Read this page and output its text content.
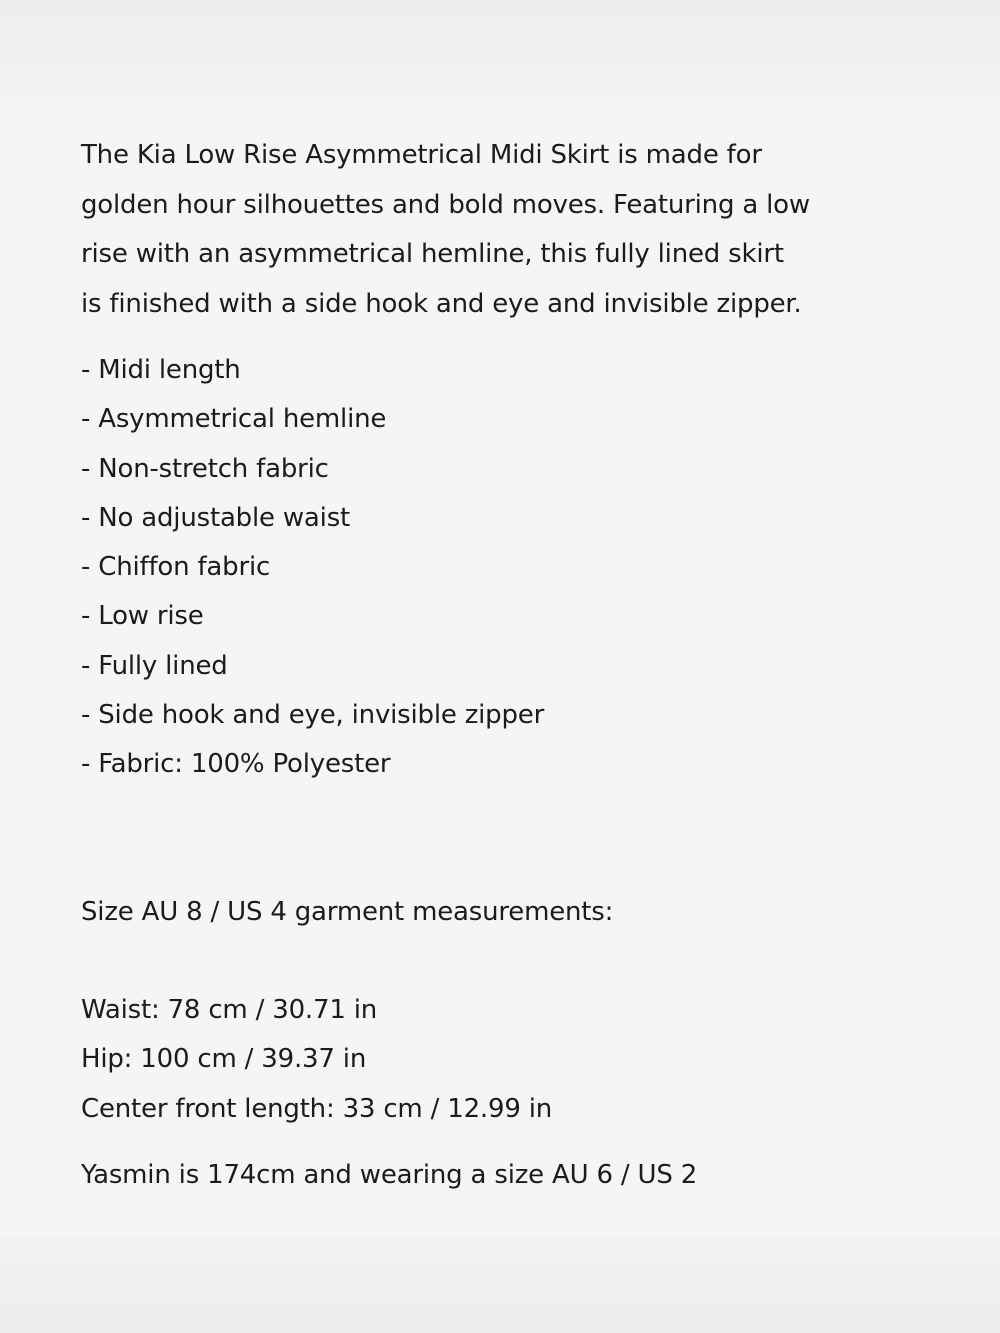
The Kia Low Rise Asymmetrical Midi Skirt is made for
golden hour silhouettes and bold moves. Featuring a low
rise with an asymmetrical hemline, this fully lined skirt
is finished with a side hook and eye and invisible zipper.

- Midi length
- Asymmetrical hemline
- Non-stretch fabric
- No adjustable waist
- Chiffon fabric
- Low rise
- Fully lined
- Side hook and eye, invisible zipper
- Fabric: 100% Polyester

Size AU 8 / US 4 garment measurements:

Waist: 78 cm / 30.71 in
Hip: 100 cm / 39.37 in
Center front length: 33 cm / 12.99 in

Yasmin is 174cm and wearing a size AU 6 / US 2
